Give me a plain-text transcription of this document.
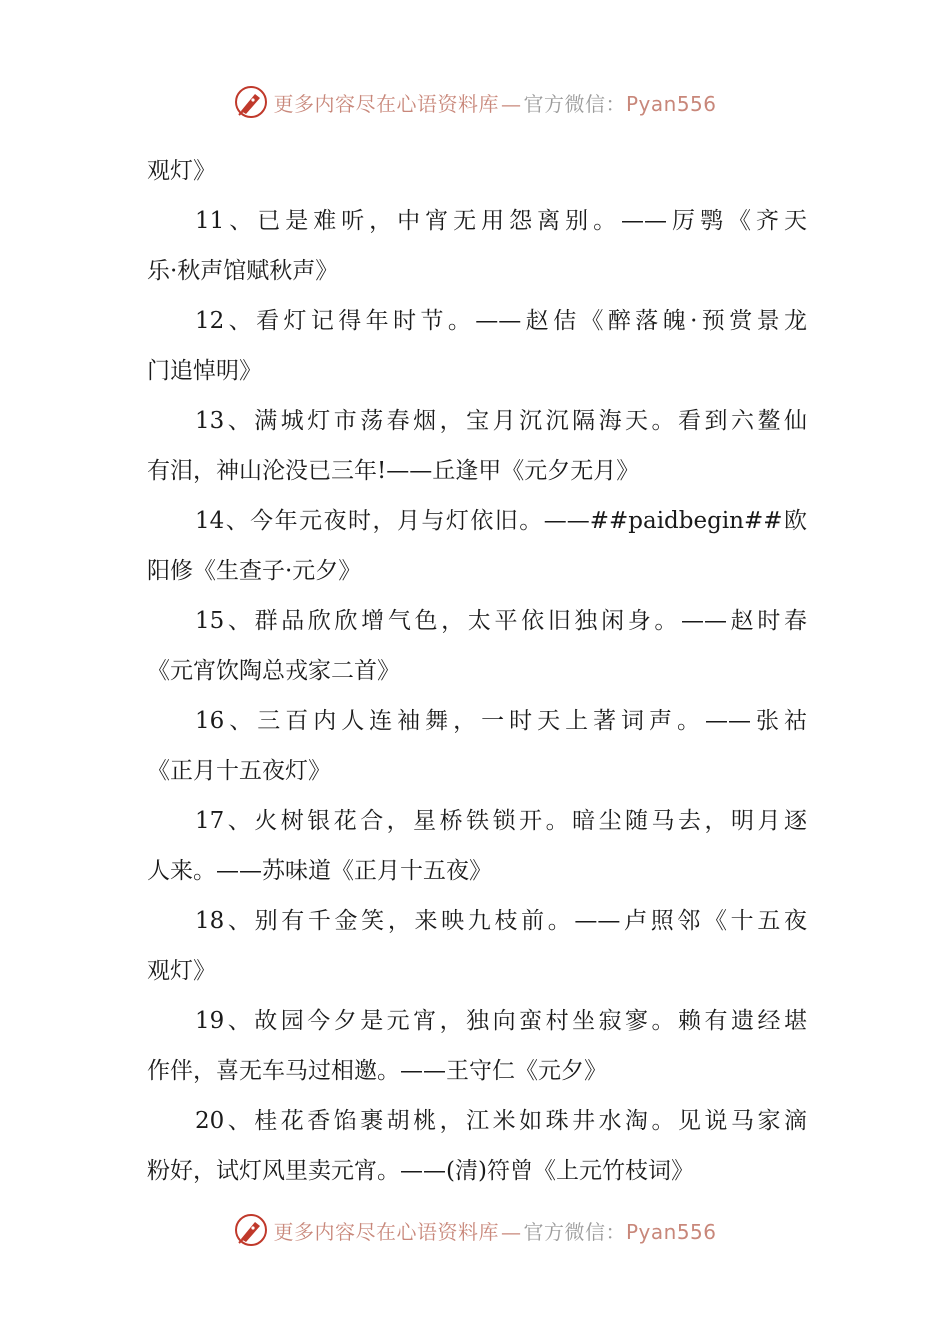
更多内容尽在心语资料库 — 官方微信：Pyan556
观灯》
11、已是难听，中宵无用怨离别。——厉鹗《齐天
乐·秋声馆赋秋声》
12、看灯记得年时节。——赵佶《醉落魄·预赏景龙
门追悼明》
13、满城灯市荡春烟，宝月沉沉隔海天。看到六鳌仙
有泪，神山沦没已三年!——丘逢甲《元夕无月》
14、今年元夜时，月与灯依旧。——##paidbegin##欧
阳修《生查子·元夕》
15、群品欣欣增气色，太平依旧独闲身。——赵时春
《元宵饮陶总戎家二首》
16、三百内人连袖舞，一时天上著词声。——张祜
《正月十五夜灯》
17、火树银花合，星桥铁锁开。暗尘随马去，明月逐
人来。——苏味道《正月十五夜》
18、别有千金笑，来映九枝前。——卢照邻《十五夜
观灯》
19、故园今夕是元宵，独向蛮村坐寂寥。赖有遗经堪
作伴，喜无车马过相邀。——王守仁《元夕》
20、桂花香馅裹胡桃，江米如珠井水淘。见说马家滴
粉好，试灯风里卖元宵。——(清)符曾《上元竹枝词》
更多内容尽在心语资料库 — 官方微信：Pyan556
